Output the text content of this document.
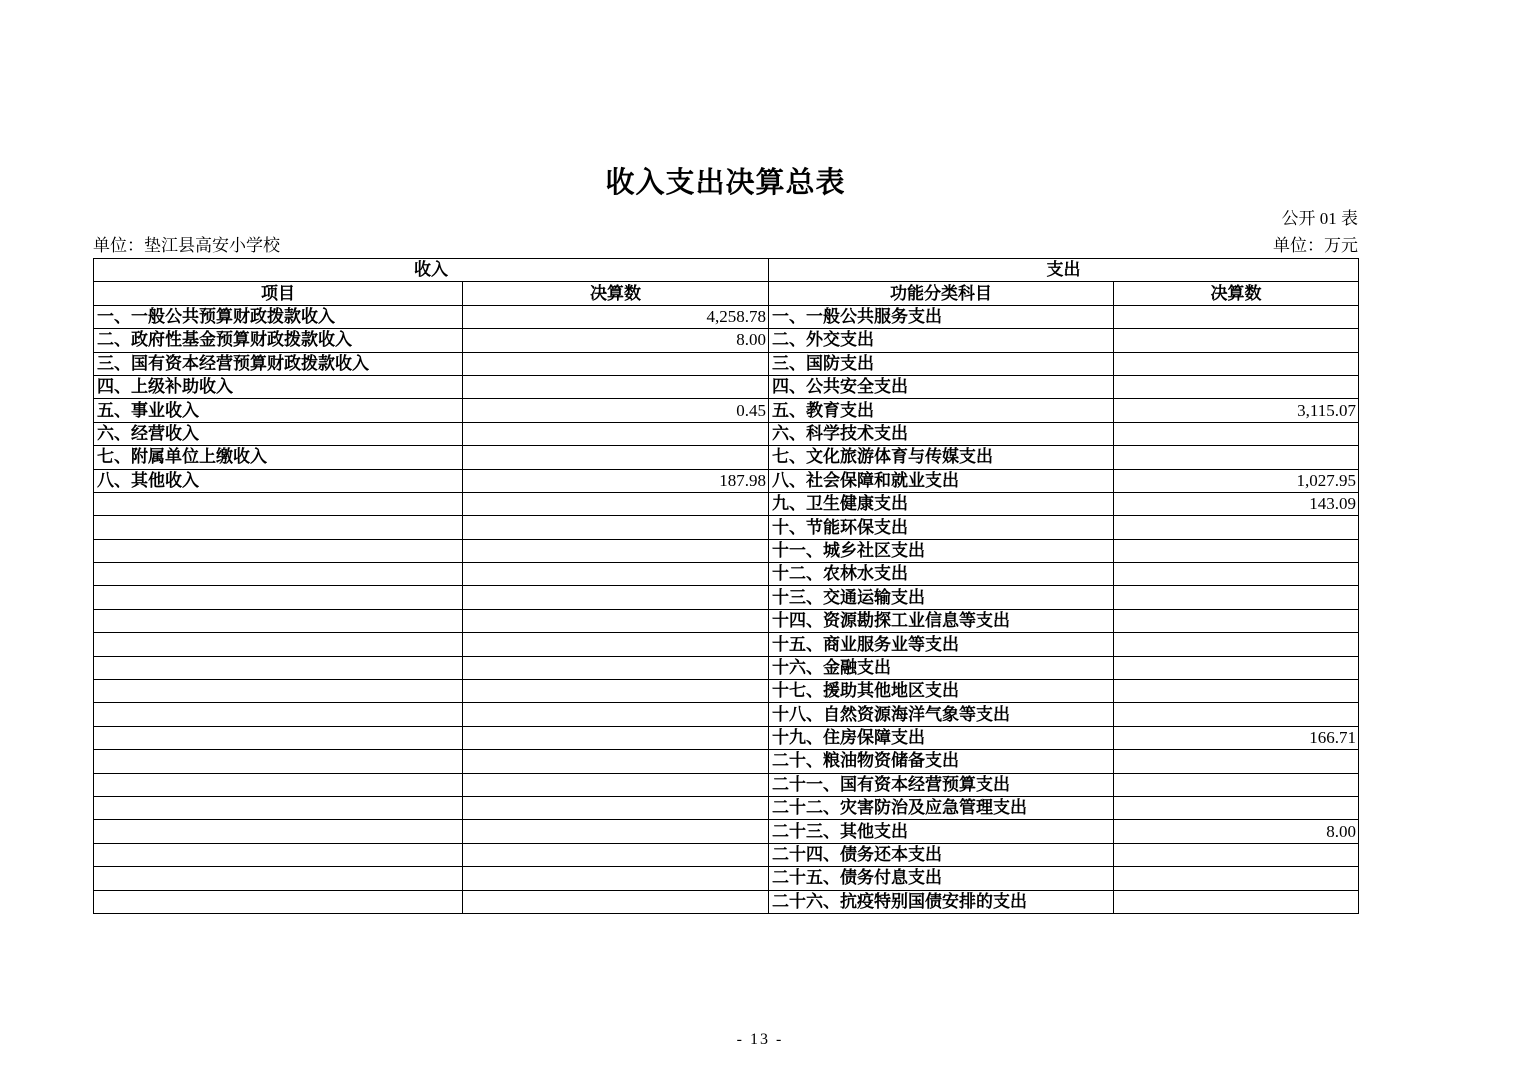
收入支出决算总表
公开 01 表
单位：垫江县高安小学校	单位：万元
收入		支出	
项目	决算数	功能分类科目	决算数
一、一般公共预算财政拨款收入	4,258.78	一、一般公共服务支出	
二、政府性基金预算财政拨款收入	8.00	二、外交支出	
三、国有资本经营预算财政拨款收入		三、国防支出	
四、上级补助收入		四、公共安全支出	
五、事业收入	0.45	五、教育支出	3,115.07
六、经营收入		六、科学技术支出	
七、附属单位上缴收入		七、文化旅游体育与传媒支出	
八、其他收入	187.98	八、社会保障和就业支出	1,027.95
		九、卫生健康支出	143.09
		十、节能环保支出	
		十一、城乡社区支出	
		十二、农林水支出	
		十三、交通运输支出	
		十四、资源勘探工业信息等支出	
		十五、商业服务业等支出	
		十六、金融支出	
		十七、援助其他地区支出	
		十八、自然资源海洋气象等支出	
		十九、住房保障支出	166.71
		二十、粮油物资储备支出	
		二十一、国有资本经营预算支出	
		二十二、灾害防治及应急管理支出	
		二十三、其他支出	8.00
		二十四、债务还本支出	
		二十五、债务付息支出	
		二十六、抗疫特别国债安排的支出	
- 13 -
